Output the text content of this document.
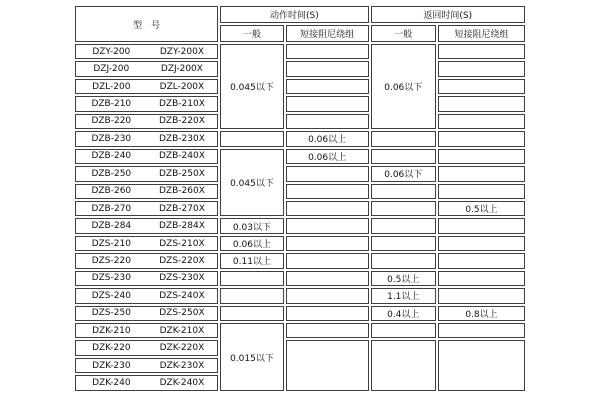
型　号	动作时间(S)		返回时间(S)	
	一般	短接阻尼绕组	一般	短接阻尼绕组

DZY-200 DZY-200X	0.045以下		0.06以下	

DZJ-200 DZJ-200X				

DZL-200 DZL-200X				

DZB-210 DZB-210X				

DZB-220 DZB-220X				

DZB-230 DZB-230X		0.06以上		

DZB-240 DZB-240X	0.045以下	0.06以上		

DZB-250 DZB-250X			0.06以下	

DZB-260 DZB-260X				

DZB-270 DZB-270X				0.5以上

DZB-284 DZB-284X	0.03以下			

DZS-210 DZS-210X	0.06以上			

DZS-220 DZS-220X	0.11以上			

DZS-230 DZS-230X			0.5以上	

DZS-240 DZS-240X			1.1以上	

DZS-250 DZS-250X			0.4以上	0.8以上

DZK-210 DZK-210X	0.015以下			

DZK-220 DZK-220X				

DZK-230 DZK-230X				

DZK-240 DZK-240X				
